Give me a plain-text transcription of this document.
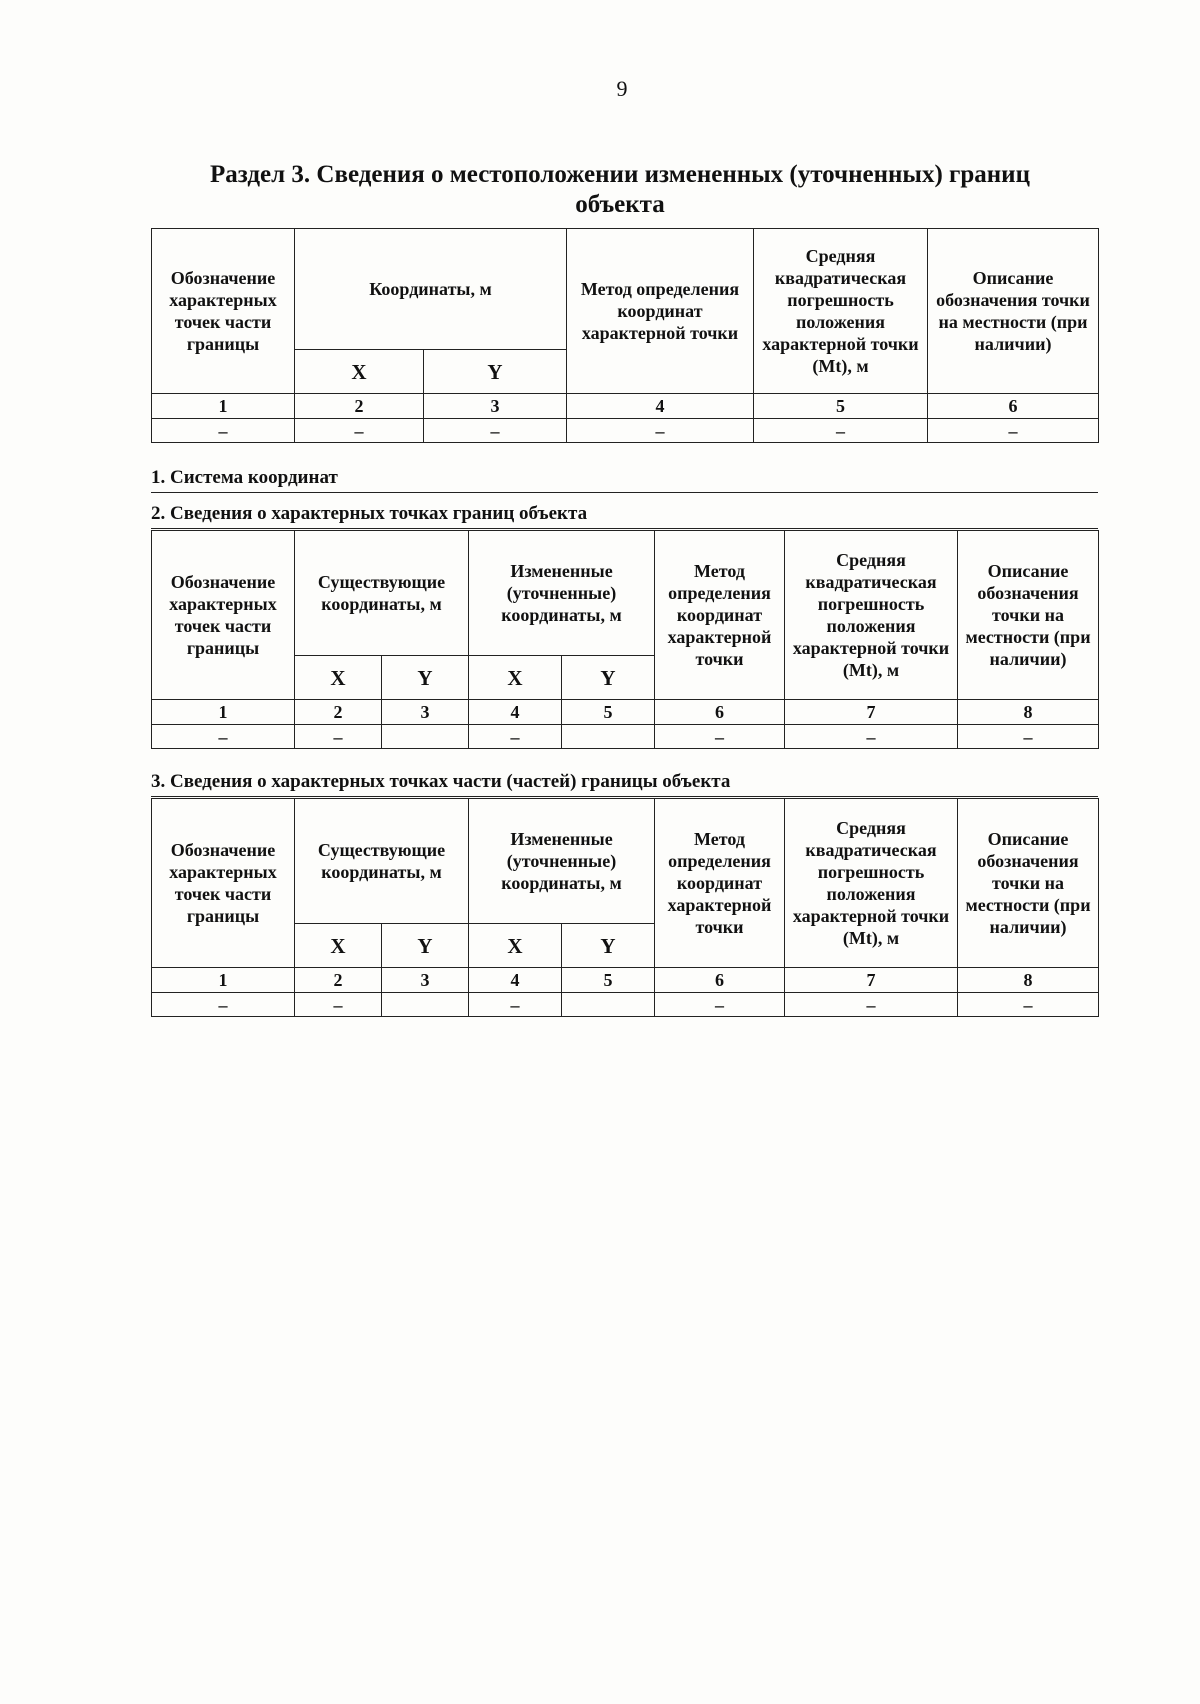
9
Раздел 3. Сведения о местоположении измененных (уточненных) границ объекта
Обозначение характерных точек части границы	Координаты, м		Метод определения координат характерной точки	Средняя квадратическая погрешность положения характерной точки (Mt), м	Описание обозначения точки на местности (при наличии)
	X	Y			
1	2	3	4	5	6
–	–	–	–	–	–
1. Система координат
2. Сведения о характерных точках границ объекта
Обозначение характерных точек части границы	Существующие координаты, м		Измененные (уточненные) координаты, м		Метод определения координат характерной точки	Средняя квадратическая погрешность положения характерной точки (Mt), м	Описание обозначения точки на местности (при наличии)
	X	Y	X	Y			
1	2	3	4	5	6	7	8
–	–		–		–	–	–
3. Сведения о характерных точках части (частей) границы объекта
Обозначение характерных точек части границы	Существующие координаты, м		Измененные (уточненные) координаты, м		Метод определения координат характерной точки	Средняя квадратическая погрешность положения характерной точки (Mt), м	Описание обозначения точки на местности (при наличии)
	X	Y	X	Y			
1	2	3	4	5	6	7	8
–	–		–		–	–	–
